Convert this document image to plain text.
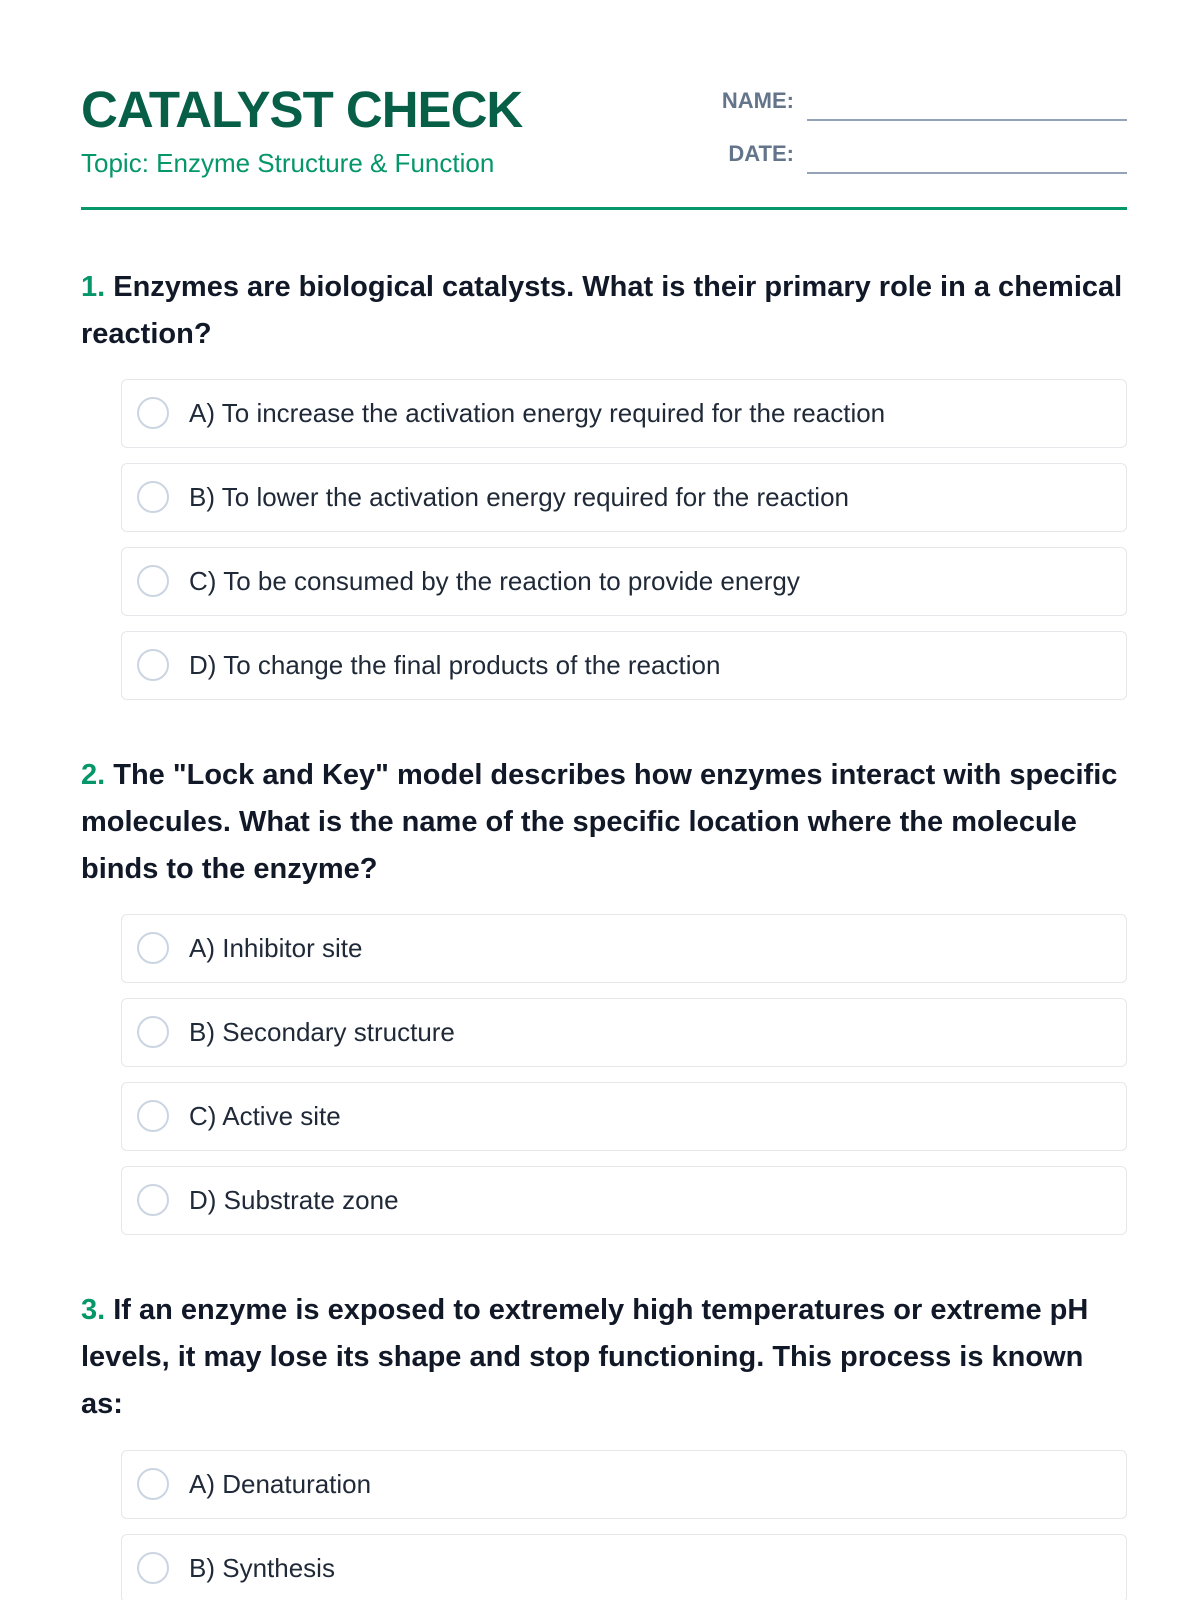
CATALYST CHECK
Topic: Enzyme Structure & Function
NAME:
DATE:
1. Enzymes are biological catalysts. What is their primary role in a chemical reaction?
A) To increase the activation energy required for the reaction
B) To lower the activation energy required for the reaction
C) To be consumed by the reaction to provide energy
D) To change the final products of the reaction
2. The "Lock and Key" model describes how enzymes interact with specific molecules. What is the name of the specific location where the molecule binds to the enzyme?
A) Inhibitor site
B) Secondary structure
C) Active site
D) Substrate zone
3. If an enzyme is exposed to extremely high temperatures or extreme pH levels, it may lose its shape and stop functioning. This process is known as:
A) Denaturation
B) Synthesis
